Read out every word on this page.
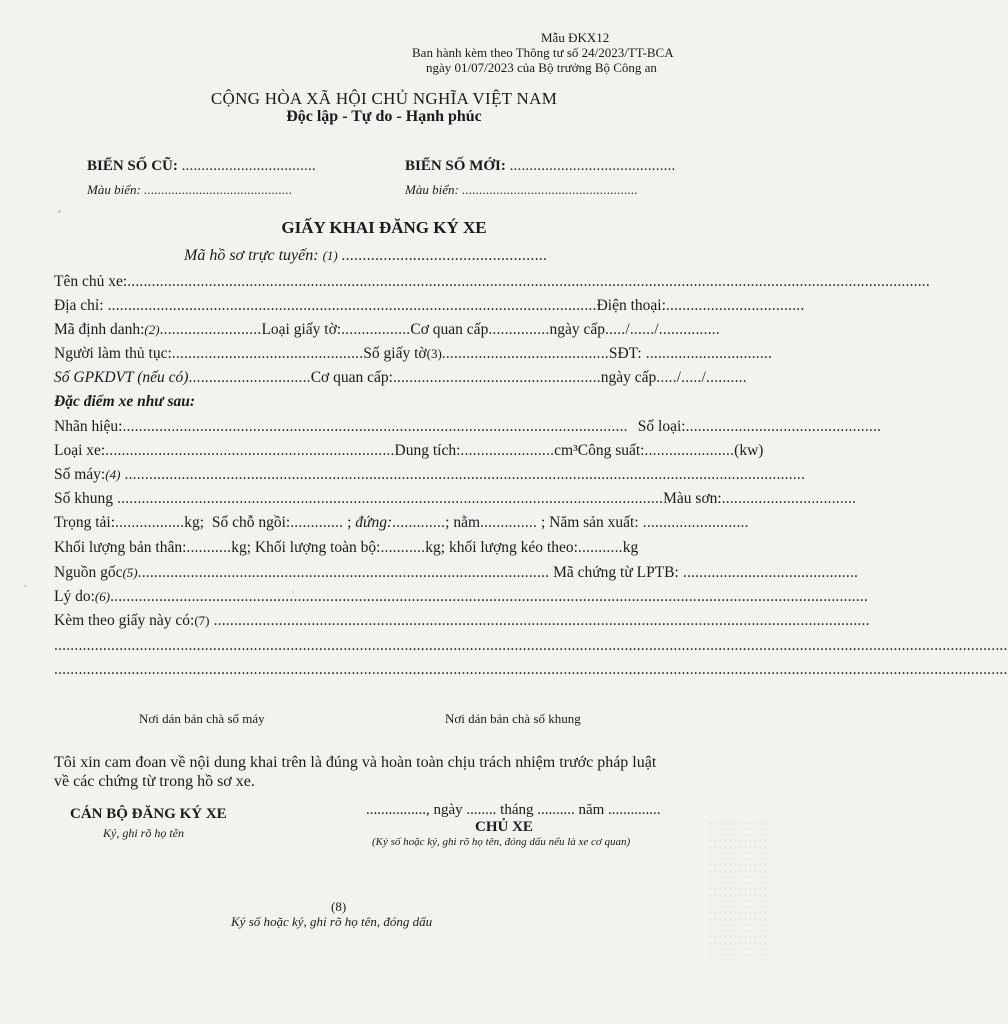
Mẫu ĐKX12
Ban hành kèm theo Thông tư số 24/2023/TT-BCA
ngày 01/07/2023 của Bộ trưởng Bộ Công an
CỘNG HÒA XÃ HỘI CHỦ NGHĨA VIỆT NAM
Độc lập - Tự do - Hạnh phúc
BIỂN SỐ CŨ: ..................................
Màu biển: ...........................................
BIỂN SỐ MỚI: ..........................................
Màu biển: ...................................................
GIẤY KHAI ĐĂNG KÝ XE
Mã hồ sơ trực tuyến: (1) .................................................
Tên chủ xe:.....................................................................................................................................................................................................
Địa chỉ: ........................................................................................................................Điện thoại:..................................
Mã định danh:(2).........................Loại giấy tờ:.................Cơ quan cấp...............ngày cấp...../....../...............
Người làm thủ tục:...............................................Số giấy tờ(3).........................................SĐT: ...............................
Số GPKDVT (nếu có)..............................Cơ quan cấp:...................................................ngày cấp...../...../..........
Đặc điểm xe như sau:
Nhãn hiệu:............................................................................................................................ Số loại:................................................
Loại xe:.......................................................................Dung tích:.......................cm³Công suất:......................(kw)
Số máy:(4) .......................................................................................................................................................................
Số khung ......................................................................................................................................Màu sơn:.................................
Trọng tải:.................kg; Số chỗ ngồi:............. ; đứng:.............; nằm.............. ; Năm sản xuất: ..........................
Khối lượng bản thân:...........kg; Khối lượng toàn bộ:...........kg; khối lượng kéo theo:...........kg
Nguồn gốc(5)..................................................................................................... Mã chứng từ LPTB: ...........................................
Lý do:(6)..........................................................................................................................................................................................
Kèm theo giấy này có:(7) .................................................................................................................................................................
..........................................................................................................................................................................................................................................
..........................................................................................................................................................................................................................................
Nơi dán bản chà số máy	Nơi dán bản chà số khung
Tôi xin cam đoan về nội dung khai trên là đúng và hoàn toàn chịu trách nhiệm trước pháp luật
về các chứng từ trong hồ sơ xe.
CÁN BỘ ĐĂNG KÝ XE
Ký, ghi rõ họ tên
................, ngày ........ tháng .......... năm ..............
CHỦ XE
(Ký số hoặc ký, ghi rõ họ tên, đóng dấu nếu là xe cơ quan)
(8)
Ký số hoặc ký, ghi rõ họ tên, đóng dấu
